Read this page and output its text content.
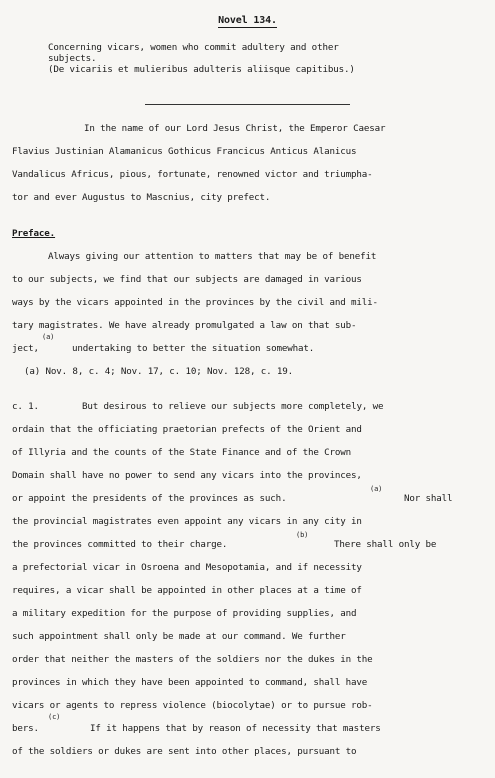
Novel 134.
Concerning vicars, women who commit adultery and other
subjects.
(De vicariis et mulieribus adulteris aliisque capitibus.)
In the name of our Lord Jesus Christ, the Emperor Caesar
Flavius Justinian Alamanicus Gothicus Francicus Anticus Alanicus
Vandalicus Africus, pious, fortunate, renowned victor and triumpha-
tor and ever Augustus to Mascnius, city prefect.
Preface.
Always giving our attention to matters that may be of benefit
to our subjects, we find that our subjects are damaged in various
ways by the vicars appointed in the provinces by the civil and mili-
tary magistrates. We have already promulgated a law on that sub-
ject,
(a)
undertaking to better the situation somewhat.
(a) Nov. 8, c. 4; Nov. 17, c. 10; Nov. 128, c. 19.
c. 1.	But desirous to relieve our subjects more completely, we
ordain that the officiating praetorian prefects of the Orient and
of Illyria and the counts of the State Finance and of the Crown
Domain shall have no power to send any vicars into the provinces,
or appoint the presidents of the provinces as such.
(a)
Nor shall
the provincial magistrates even appoint any vicars in any city in
the provinces committed to their charge.
(b)
There shall only be
a prefectorial vicar in Osroena and Mesopotamia, and if necessity
requires, a vicar shall be appointed in other places at a time of
a military expedition for the purpose of providing supplies, and
such appointment shall only be made at our command. We further
order that neither the masters of the soldiers nor the dukes in the
provinces in which they have been appointed to command, shall have
vicars or agents to repress violence (biocolytae) or to pursue rob-
bers.
(c)
If it happens that by reason of necessity that masters
of the soldiers or dukes are sent into other places, pursuant to
